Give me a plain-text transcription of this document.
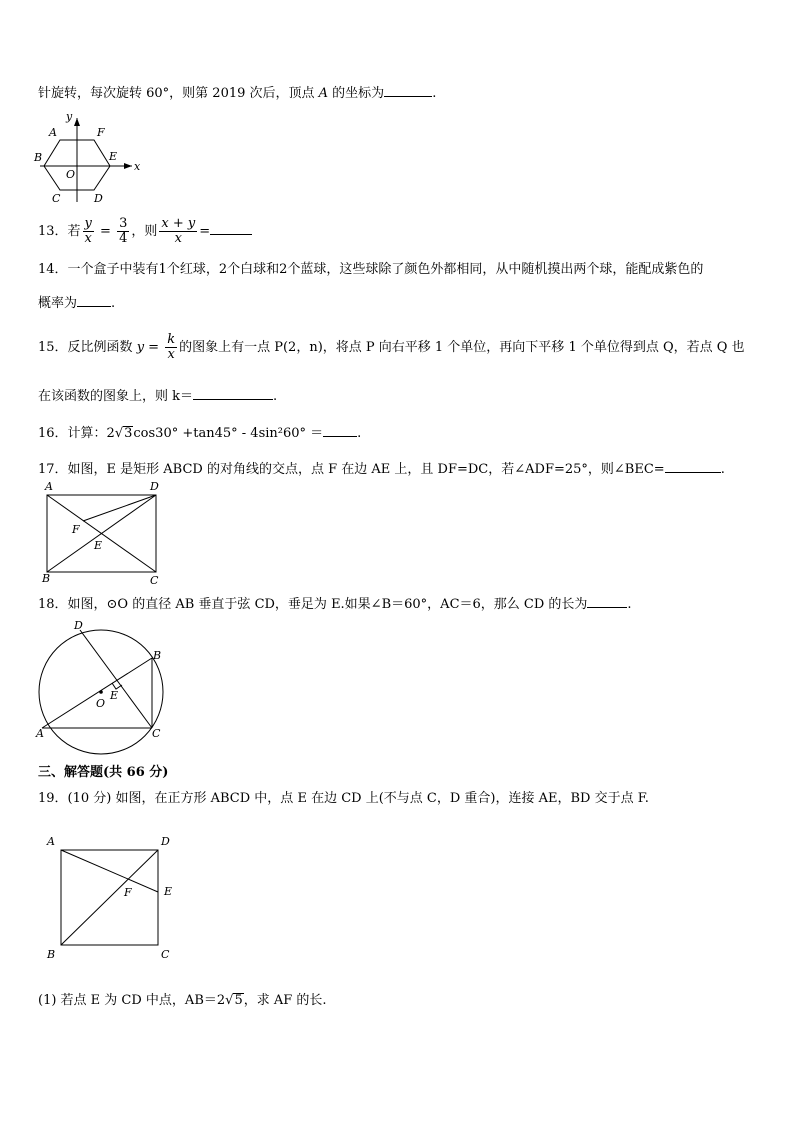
针旋转，每次旋转 60°，则第 2019 次后，顶点 A 的坐标为	.
y
x
A	F
B	E
O
C	D
13．若 $\frac{y}{x} = \frac{3}{4}$ ，则 $\frac{x + y}{x}$ =
14．一个盒子中装有1个红球，2个白球和2个蓝球，这些球除了颜色外都相同，从中随机摸出两个球，能配成紫色的
概率为	.
15．反比例函数 $y = \frac{k}{x}$ 的图象上有一点 P(2，n)，将点 P 向右平移 1 个单位，再向下平移 1 个单位得到点 Q，若点 Q 也
在该函数的图象上，则 k＝	.
16．计算：2√3cos30° +tan45° - 4sin²60° ＝	.
17．如图，E 是矩形 ABCD 的对角线的交点，点 F 在边 AE 上，且 DF=DC，若∠ADF=25°，则∠BEC=	.
A	D
F
E
B	C
18．如图，⊙O 的直径 AB 垂直于弦 CD，垂足为 E.如果∠B＝60°，AC＝6，那么 CD 的长为	.
D
B
E
O
A	C
三、解答题(共 66 分)
19．(10 分) 如图，在正方形 ABCD 中，点 E 在边 CD 上(不与点 C，D 重合)，连接 AE，BD 交于点 F.
A	D
F	E
B	C
(1) 若点 E 为 CD 中点，AB＝2√5，求 AF 的长.
